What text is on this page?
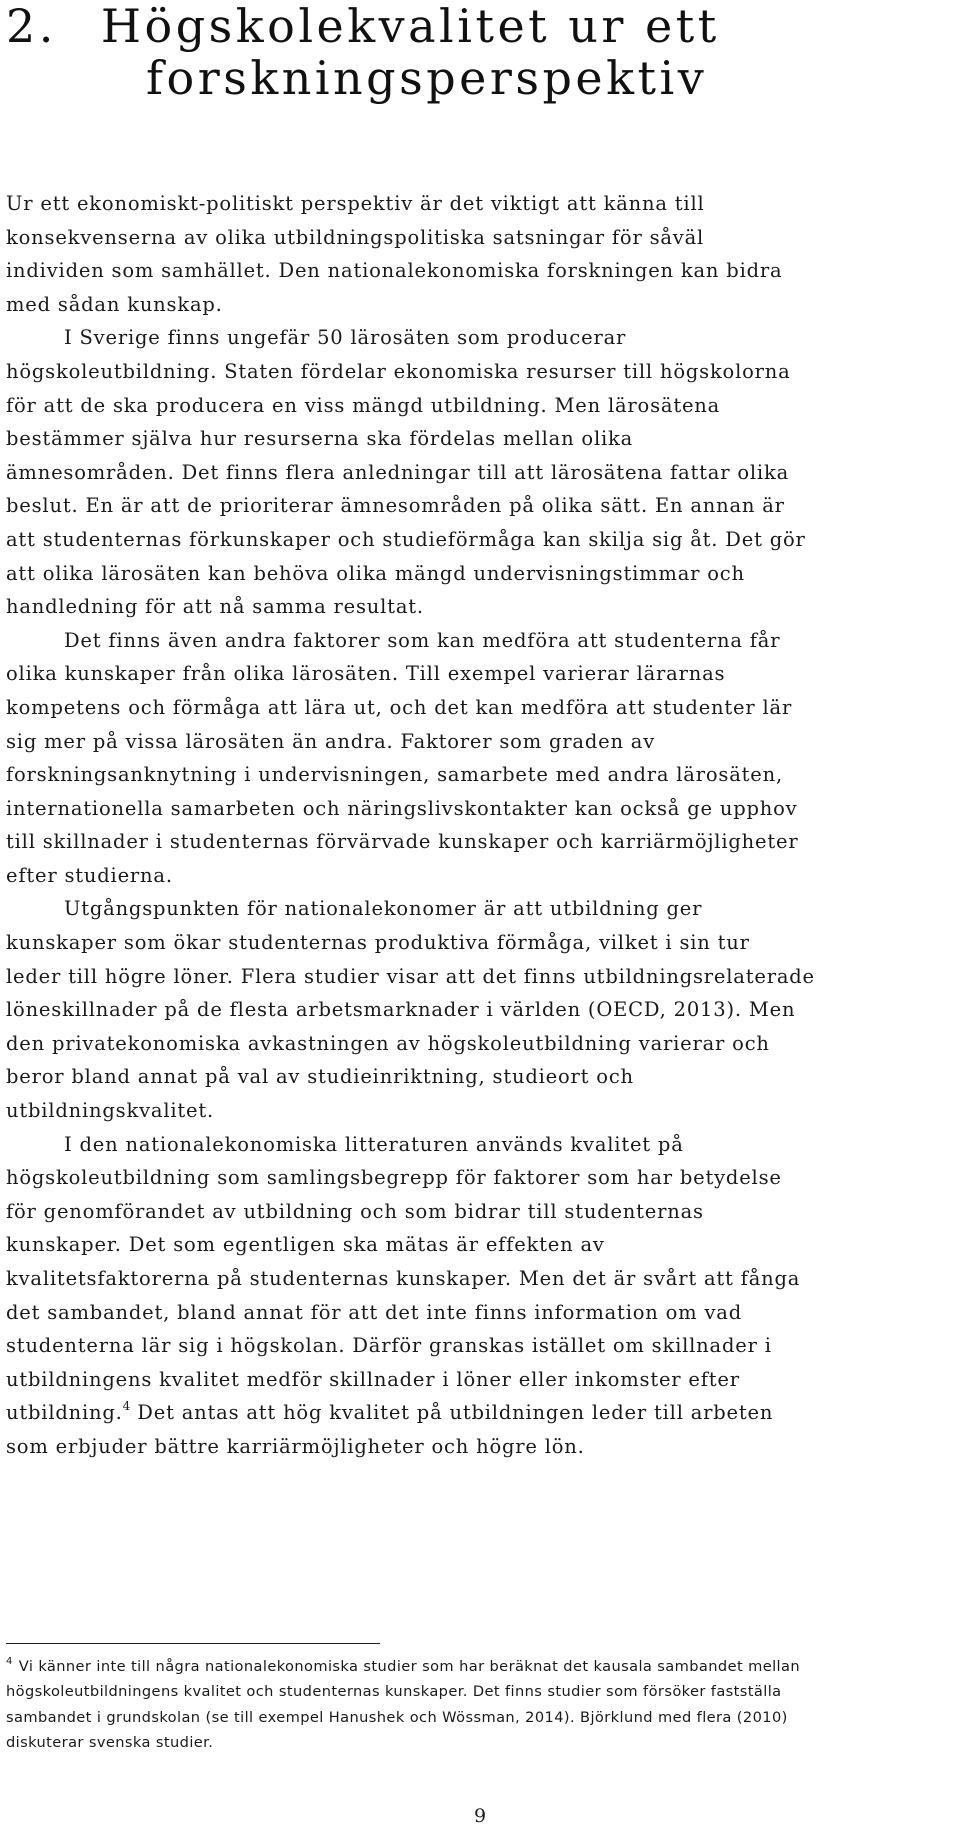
2. Högskolekvalitet ur ett
forskningsperspektiv

Ur ett ekonomiskt-politiskt perspektiv är det viktigt att känna till
konsekvenserna av olika utbildningspolitiska satsningar för såväl
individen som samhället. Den nationalekonomiska forskningen kan bidra
med sådan kunskap.

I Sverige finns ungefär 50 lärosäten som producerar
högskoleutbildning. Staten fördelar ekonomiska resurser till högskolorna
för att de ska producera en viss mängd utbildning. Men lärosätena
bestämmer själva hur resurserna ska fördelas mellan olika
ämnesområden. Det finns flera anledningar till att lärosätena fattar olika
beslut. En är att de prioriterar ämnesområden på olika sätt. En annan är
att studenternas förkunskaper och studieförmåga kan skilja sig åt. Det gör
att olika lärosäten kan behöva olika mängd undervisningstimmar och
handledning för att nå samma resultat.

Det finns även andra faktorer som kan medföra att studenterna får
olika kunskaper från olika lärosäten. Till exempel varierar lärarnas
kompetens och förmåga att lära ut, och det kan medföra att studenter lär
sig mer på vissa lärosäten än andra. Faktorer som graden av
forskningsanknytning i undervisningen, samarbete med andra lärosäten,
internationella samarbeten och näringslivskontakter kan också ge upphov
till skillnader i studenternas förvärvade kunskaper och karriärmöjligheter
efter studierna.

Utgångspunkten för nationalekonomer är att utbildning ger
kunskaper som ökar studenternas produktiva förmåga, vilket i sin tur
leder till högre löner. Flera studier visar att det finns utbildningsrelaterade
löneskillnader på de flesta arbetsmarknader i världen (OECD, 2013). Men
den privatekonomiska avkastningen av högskoleutbildning varierar och
beror bland annat på val av studieinriktning, studieort och
utbildningskvalitet.

I den nationalekonomiska litteraturen används kvalitet på
högskoleutbildning som samlingsbegrepp för faktorer som har betydelse
för genomförandet av utbildning och som bidrar till studenternas
kunskaper. Det som egentligen ska mätas är effekten av
kvalitetsfaktorerna på studenternas kunskaper. Men det är svårt att fånga
det sambandet, bland annat för att det inte finns information om vad
studenterna lär sig i högskolan. Därför granskas istället om skillnader i
utbildningens kvalitet medför skillnader i löner eller inkomster efter
utbildning.$^4$ Det antas att hög kvalitet på utbildningen leder till arbeten
som erbjuder bättre karriärmöjligheter och högre lön.

$^4$ Vi känner inte till några nationalekonomiska studier som har beräknat det kausala sambandet mellan
högskoleutbildningens kvalitet och studenternas kunskaper. Det finns studier som försöker fastställa
sambandet i grundskolan (se till exempel Hanushek och Wössman, 2014). Björklund med flera (2010)
diskuterar svenska studier.
9
